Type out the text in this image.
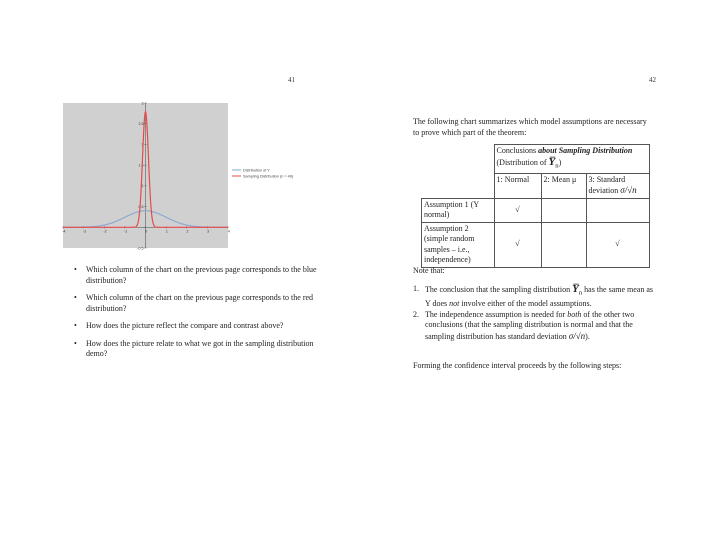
41	42
-4	-3	-2	-1	0	1	2	3	4
-0.5
0.5
1
1.5
2
2.5
3
Distribution of Y
Sampling Distribution (n = 49)
• Which column of the chart on the previous page corresponds to the blue distribution?
• Which column of the chart on the previous page corresponds to the red distribution?
• How does the picture reflect the compare and contrast above?
• How does the picture relate to what we got in the sampling distribution demo?
The following chart summarizes which model assumptions are necessary to prove which part of the theorem:
	Conclusions about Sampling Distribution
(Distribution of $Y̅_n$)		
	1: Normal	2: Mean μ	3: Standard
deviation σ/√n
Assumption 1 (Y normal)	√		
Assumption 2 (simple random samples – i.e., independence)	√		√
Note that:
1. The conclusion that the sampling distribution $Y̅_n$ has the same mean as Y does not involve either of the model assumptions.
2. The independence assumption is needed for both of the other two conclusions (that the sampling distribution is normal and that the sampling distribution has standard deviation σ/√n).
Forming the confidence interval proceeds by the following steps:
